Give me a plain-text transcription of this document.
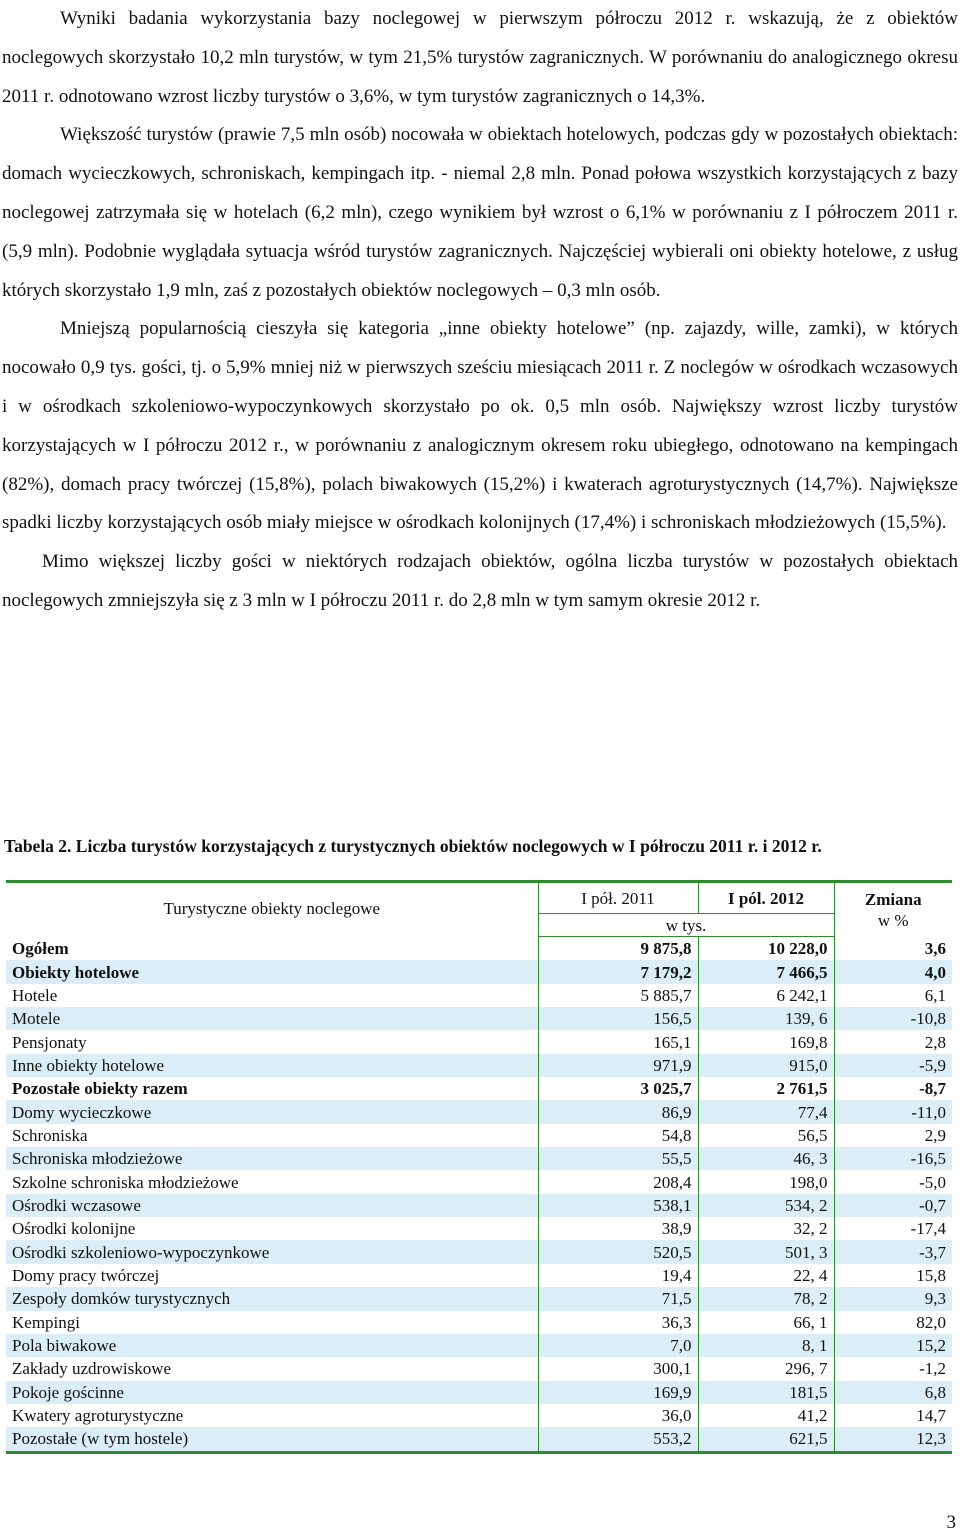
Wyniki badania wykorzystania bazy noclegowej w pierwszym półroczu 2012 r. wskazują, że z obiektów noclegowych skorzystało 10,2 mln turystów, w tym 21,5% turystów zagranicznych. W porównaniu do analogicznego okresu 2011 r. odnotowano wzrost liczby turystów o 3,6%, w tym turystów zagranicznych o 14,3%.

Większość turystów (prawie 7,5 mln osób) nocowała w obiektach hotelowych, podczas gdy w pozostałych obiektach: domach wycieczkowych, schroniskach, kempingach itp. - niemal 2,8 mln. Ponad połowa wszystkich korzystających z bazy noclegowej zatrzymała się w hotelach (6,2 mln), czego wynikiem był wzrost o 6,1% w porównaniu z I półroczem 2011 r. (5,9 mln). Podobnie wyglądała sytuacja wśród turystów zagranicznych. Najczęściej wybierali oni obiekty hotelowe, z usług których skorzystało 1,9 mln, zaś z pozostałych obiektów noclegowych – 0,3 mln osób.

Mniejszą popularnością cieszyła się kategoria „inne obiekty hotelowe” (np. zajazdy, wille, zamki), w których nocowało 0,9 tys. gości, tj. o 5,9% mniej niż w pierwszych sześciu miesiącach 2011 r. Z noclegów w ośrodkach wczasowych i w ośrodkach szkoleniowo-wypoczynkowych skorzystało po ok. 0,5 mln osób. Największy wzrost liczby turystów korzystających w I półroczu 2012 r., w porównaniu z analogicznym okresem roku ubiegłego, odnotowano na kempingach (82%), domach pracy twórczej (15,8%), polach biwakowych (15,2%) i kwaterach agroturystycznych (14,7%). Największe spadki liczby korzystających osób miały miejsce w ośrodkach kolonijnych (17,4%) i schroniskach młodzieżowych (15,5%).

Mimo większej liczby gości w niektórych rodzajach obiektów, ogólna liczba turystów w pozostałych obiektach noclegowych zmniejszyła się z 3 mln w I półroczu 2011 r. do 2,8 mln w tym samym okresie 2012 r.

Tabela 2. Liczba turystów korzystających z turystycznych obiektów noclegowych w I półroczu 2011 r. i 2012 r.

Turystyczne obiekty noclegowe	I pół. 2011	I pól. 2012	Zmiana
w %

	w tys.		
Ogółem	9 875,8	10 228,0	3,6
Obiekty hotelowe	7 179,2	7 466,5	4,0
Hotele	5 885,7	6 242,1	6,1
Motele	156,5	139, 6	-10,8
Pensjonaty	165,1	169,8	2,8
Inne obiekty hotelowe	971,9	915,0	-5,9
Pozostałe obiekty razem	3 025,7	2 761,5	-8,7
Domy wycieczkowe	86,9	77,4	-11,0
Schroniska	54,8	56,5	2,9
Schroniska młodzieżowe	55,5	46, 3	-16,5
Szkolne schroniska młodzieżowe	208,4	198,0	-5,0
Ośrodki wczasowe	538,1	534, 2	-0,7
Ośrodki kolonijne	38,9	32, 2	-17,4
Ośrodki szkoleniowo-wypoczynkowe	520,5	501, 3	-3,7
Domy pracy twórczej	19,4	22, 4	15,8
Zespoły domków turystycznych	71,5	78, 2	9,3
Kempingi	36,3	66, 1	82,0
Pola biwakowe	7,0	8, 1	15,2
Zakłady uzdrowiskowe	300,1	296, 7	-1,2
Pokoje gościnne	169,9	181,5	6,8
Kwatery agroturystyczne	36,0	41,2	14,7
Pozostałe (w tym hostele)	553,2	621,5	12,3
3
